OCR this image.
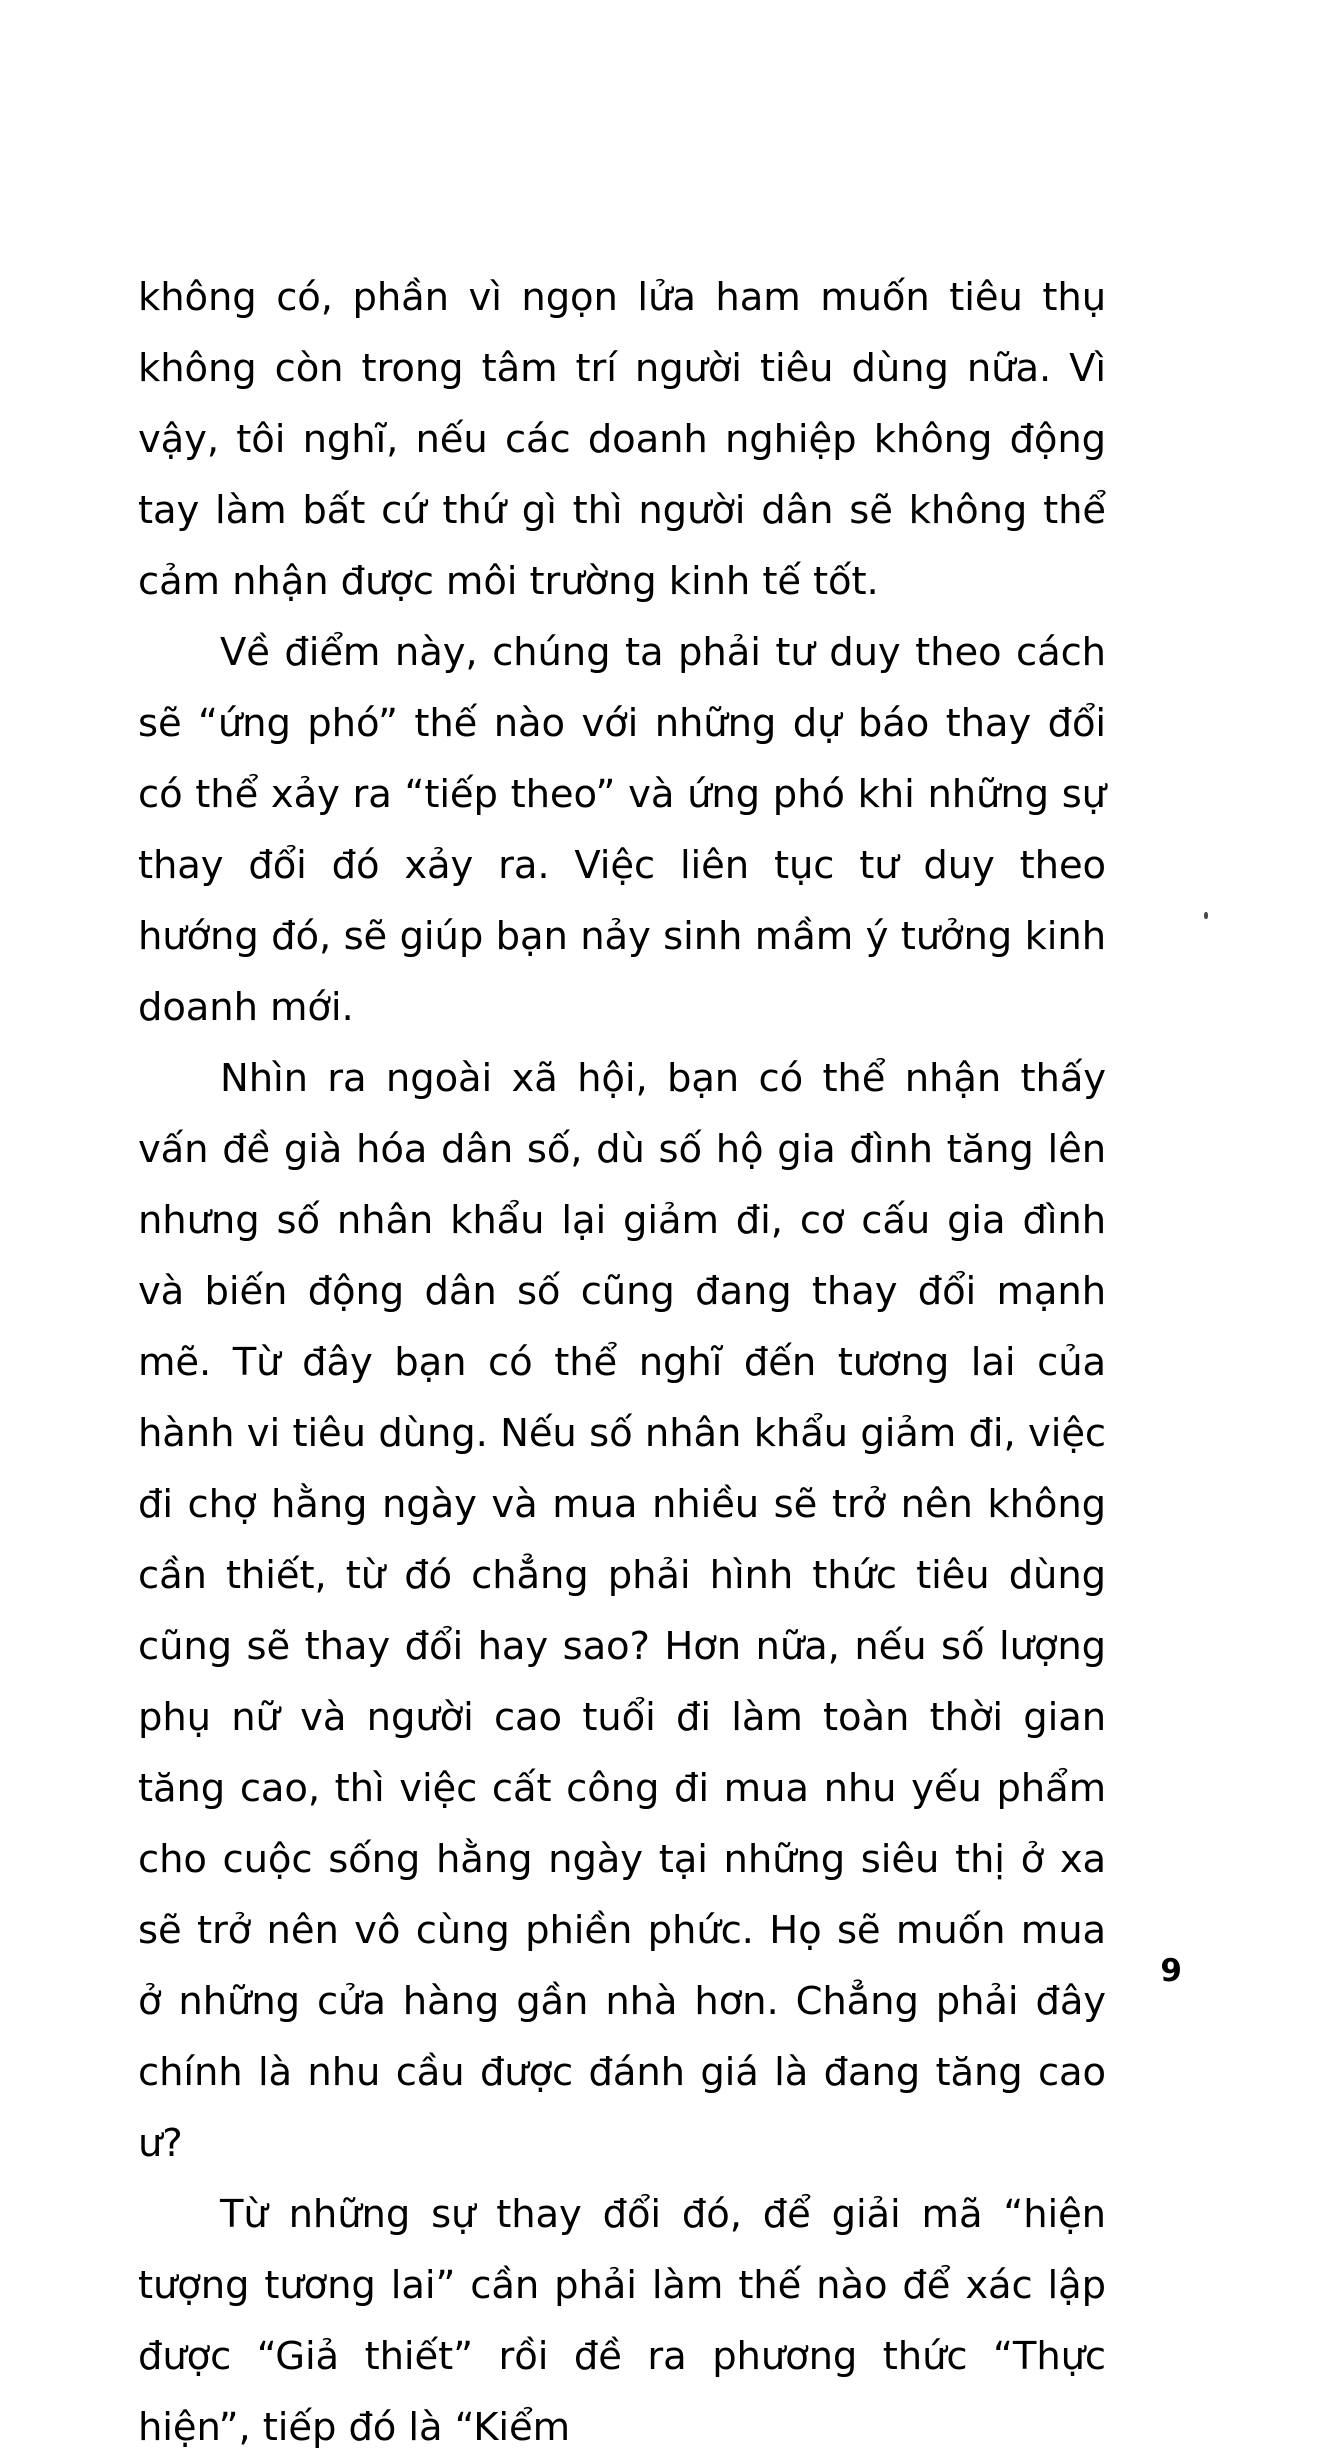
không có, phần vì ngọn lửa ham muốn tiêu thụ không còn trong tâm trí người tiêu dùng nữa. Vì vậy, tôi nghĩ, nếu các doanh nghiệp không động tay làm bất cứ thứ gì thì người dân sẽ không thể cảm nhận được môi trường kinh tế tốt.

Về điểm này, chúng ta phải tư duy theo cách sẽ “ứng phó” thế nào với những dự báo thay đổi có thể xảy ra “tiếp theo” và ứng phó khi những sự thay đổi đó xảy ra. Việc liên tục tư duy theo hướng đó, sẽ giúp bạn nảy sinh mầm ý tưởng kinh doanh mới.

Nhìn ra ngoài xã hội, bạn có thể nhận thấy vấn đề già hóa dân số, dù số hộ gia đình tăng lên nhưng số nhân khẩu lại giảm đi, cơ cấu gia đình và biến động dân số cũng đang thay đổi mạnh mẽ. Từ đây bạn có thể nghĩ đến tương lai của hành vi tiêu dùng. Nếu số nhân khẩu giảm đi, việc đi chợ hằng ngày và mua nhiều sẽ trở nên không cần thiết, từ đó chẳng phải hình thức tiêu dùng cũng sẽ thay đổi hay sao? Hơn nữa, nếu số lượng phụ nữ và người cao tuổi đi làm toàn thời gian tăng cao, thì việc cất công đi mua nhu yếu phẩm cho cuộc sống hằng ngày tại những siêu thị ở xa sẽ trở nên vô cùng phiền phức. Họ sẽ muốn mua ở những cửa hàng gần nhà hơn. Chẳng phải đây chính là nhu cầu được đánh giá là đang tăng cao ư?

Từ những sự thay đổi đó, để giải mã “hiện tượng tương lai” cần phải làm thế nào để xác lập được “Giả thiết” rồi đề ra phương thức “Thực hiện”, tiếp đó là “Kiểm

9
